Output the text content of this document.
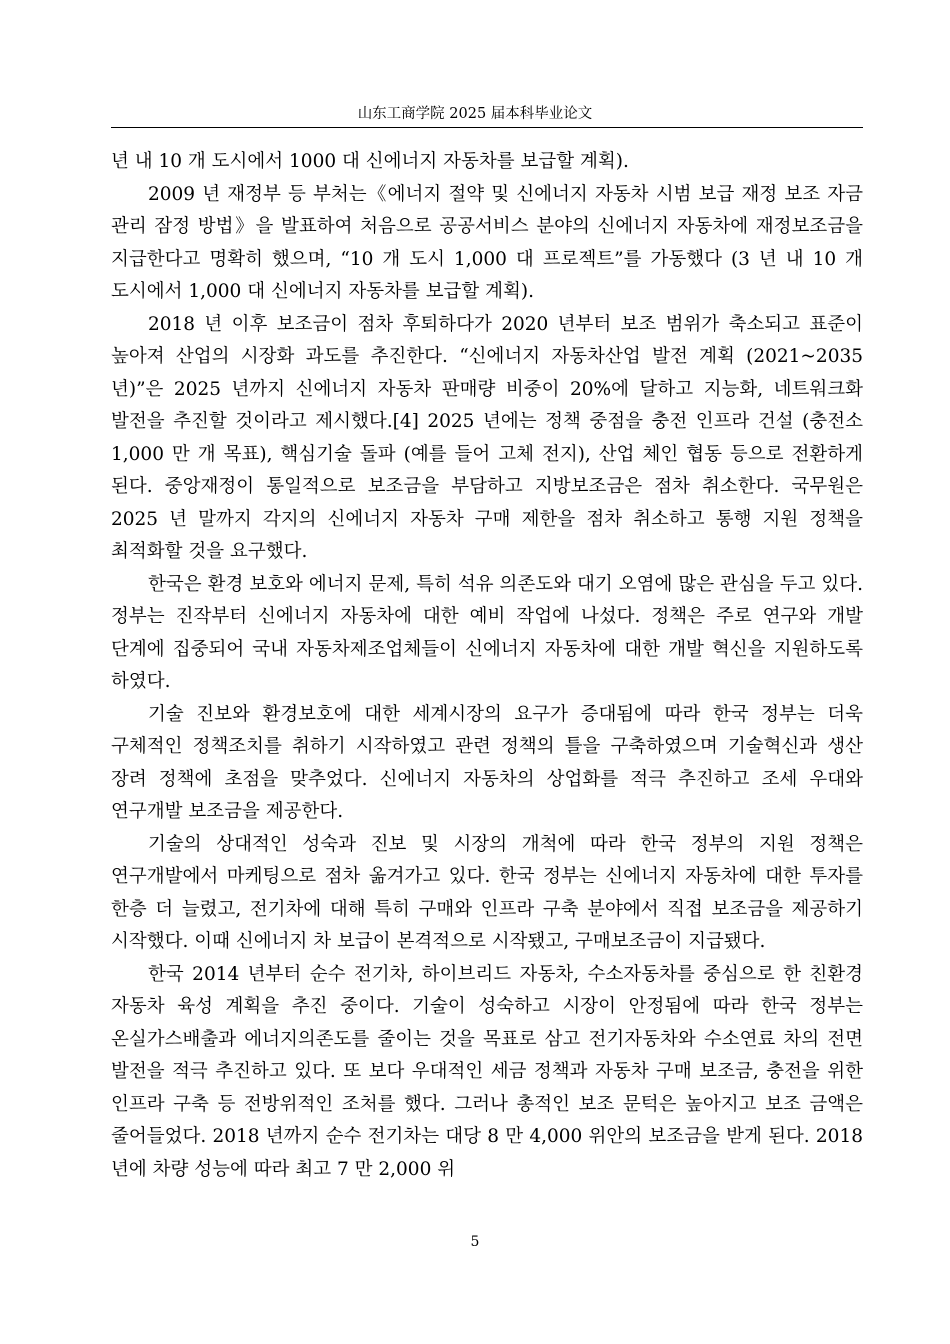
山东工商学院 2025 届本科毕业论文

년 내 10 개 도시에서 1000 대 신에너지 자동차를 보급할 계획).

2009 년 재정부 등 부처는《에너지 절약 및 신에너지 자동차 시범 보급 재정 보조 자금 관리 잠정 방법》을 발표하여 처음으로 공공서비스 분야의 신에너지 자동차에 재정보조금을 지급한다고 명확히 했으며, “10 개 도시 1,000 대 프로젝트”를 가동했다 (3 년 내 10 개 도시에서 1,000 대 신에너지 자동차를 보급할 계획).

2018 년 이후 보조금이 점차 후퇴하다가 2020 년부터 보조 범위가 축소되고 표준이 높아져 산업의 시장화 과도를 추진한다. “신에너지 자동차산업 발전 계획 (2021~2035 년)”은 2025 년까지 신에너지 자동차 판매량 비중이 20%에 달하고 지능화, 네트워크화 발전을 추진할 것이라고 제시했다.[4] 2025 년에는 정책 중점을 충전 인프라 건설 (충전소 1,000 만 개 목표), 핵심기술 돌파 (예를 들어 고체 전지), 산업 체인 협동 등으로 전환하게 된다. 중앙재정이 통일적으로 보조금을 부담하고 지방보조금은 점차 취소한다. 국무원은 2025 년 말까지 각지의 신에너지 자동차 구매 제한을 점차 취소하고 통행 지원 정책을 최적화할 것을 요구했다.

한국은 환경 보호와 에너지 문제, 특히 석유 의존도와 대기 오염에 많은 관심을 두고 있다. 정부는 진작부터 신에너지 자동차에 대한 예비 작업에 나섰다. 정책은 주로 연구와 개발 단계에 집중되어 국내 자동차제조업체들이 신에너지 자동차에 대한 개발 혁신을 지원하도록 하였다.

기술 진보와 환경보호에 대한 세계시장의 요구가 증대됨에 따라 한국 정부는 더욱 구체적인 정책조치를 취하기 시작하였고 관련 정책의 틀을 구축하였으며 기술혁신과 생산 장려 정책에 초점을 맞추었다. 신에너지 자동차의 상업화를 적극 추진하고 조세 우대와 연구개발 보조금을 제공한다.

기술의 상대적인 성숙과 진보 및 시장의 개척에 따라 한국 정부의 지원 정책은 연구개발에서 마케팅으로 점차 옮겨가고 있다. 한국 정부는 신에너지 자동차에 대한 투자를 한층 더 늘렸고, 전기차에 대해 특히 구매와 인프라 구축 분야에서 직접 보조금을 제공하기 시작했다. 이때 신에너지 차 보급이 본격적으로 시작됐고, 구매보조금이 지급됐다.

한국 2014 년부터 순수 전기차, 하이브리드 자동차, 수소자동차를 중심으로 한 친환경 자동차 육성 계획을 추진 중이다. 기술이 성숙하고 시장이 안정됨에 따라 한국 정부는 온실가스배출과 에너지의존도를 줄이는 것을 목표로 삼고 전기자동차와 수소연료 차의 전면 발전을 적극 추진하고 있다. 또 보다 우대적인 세금 정책과 자동차 구매 보조금, 충전을 위한 인프라 구축 등 전방위적인 조처를 했다. 그러나 총적인 보조 문턱은 높아지고 보조 금액은 줄어들었다. 2018 년까지 순수 전기차는 대당 8 만 4,000 위안의 보조금을 받게 된다. 2018 년에 차량 성능에 따라 최고 7 만 2,000 위

5
